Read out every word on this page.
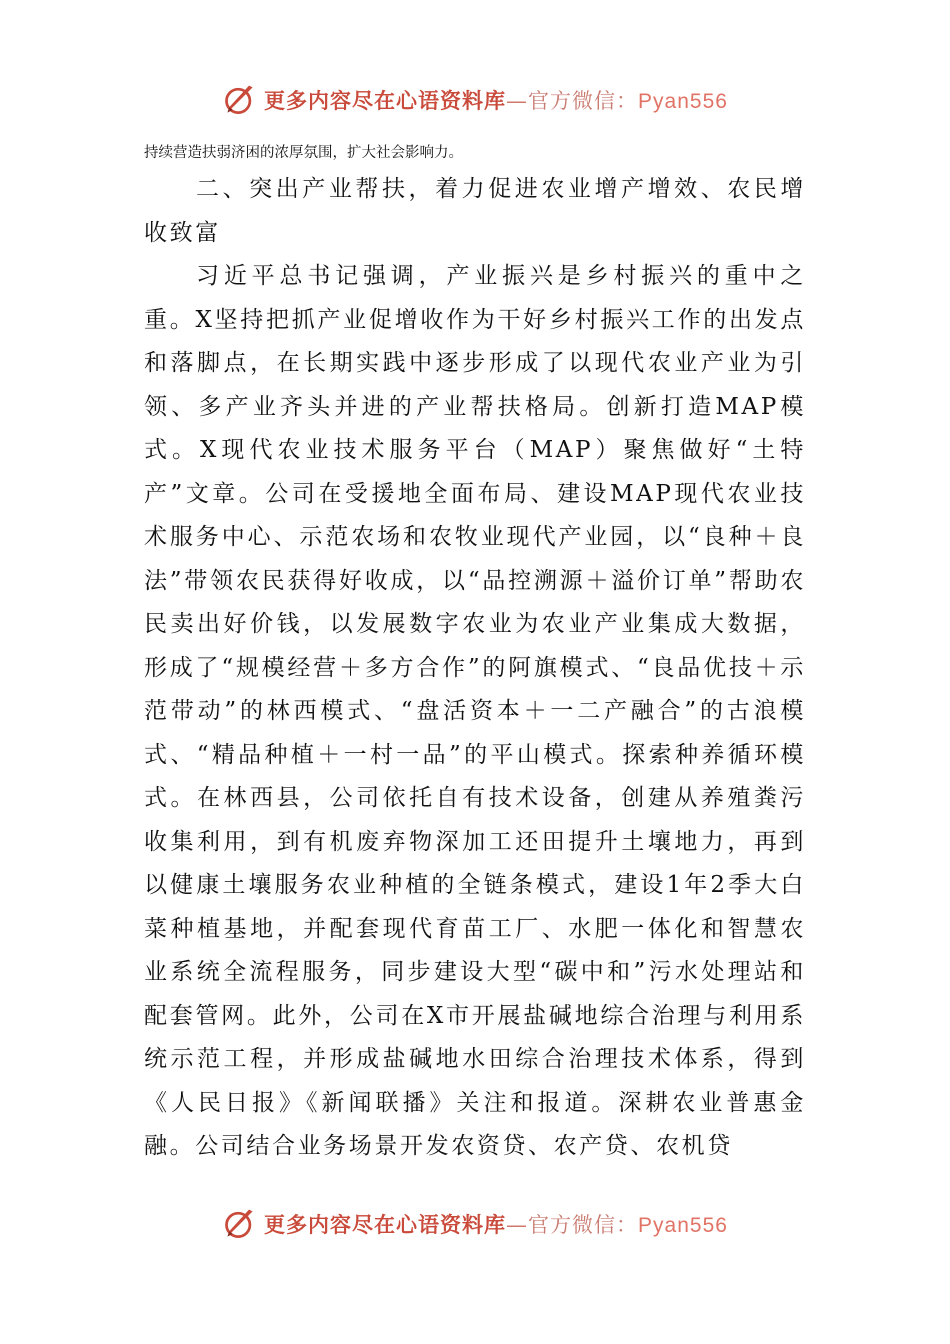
更多内容尽在心语资料库—官方微信：Pyan556

持续营造扶弱济困的浓厚氛围，扩大社会影响力。

二、突出产业帮扶，着力促进农业增产增效、农民增收致富

习近平总书记强调，产业振兴是乡村振兴的重中之重。X坚持把抓产业促增收作为干好乡村振兴工作的出发点和落脚点，在长期实践中逐步形成了以现代农业产业为引领、多产业齐头并进的产业帮扶格局。创新打造MAP模式。X现代农业技术服务平台（MAP）聚焦做好“土特产”文章。公司在受援地全面布局、建设MAP现代农业技术服务中心、示范农场和农牧业现代产业园，以“良种＋良法”带领农民获得好收成，以“品控溯源＋溢价订单”帮助农民卖出好价钱，以发展数字农业为农业产业集成大数据，形成了“规模经营＋多方合作”的阿旗模式、“良品优技＋示范带动”的林西模式、“盘活资本＋一二产融合”的古浪模式、“精品种植＋一村一品”的平山模式。探索种养循环模式。在林西县，公司依托自有技术设备，创建从养殖粪污收集利用，到有机废弃物深加工还田提升土壤地力，再到以健康土壤服务农业种植的全链条模式，建设1年2季大白菜种植基地，并配套现代育苗工厂、水肥一体化和智慧农业系统全流程服务，同步建设大型“碳中和”污水处理站和配套管网。此外，公司在X市开展盐碱地综合治理与利用系统示范工程，并形成盐碱地水田综合治理技术体系，得到《人民日报》《新闻联播》关注和报道。深耕农业普惠金融。公司结合业务场景开发农资贷、农产贷、农机贷

更多内容尽在心语资料库—官方微信：Pyan556
